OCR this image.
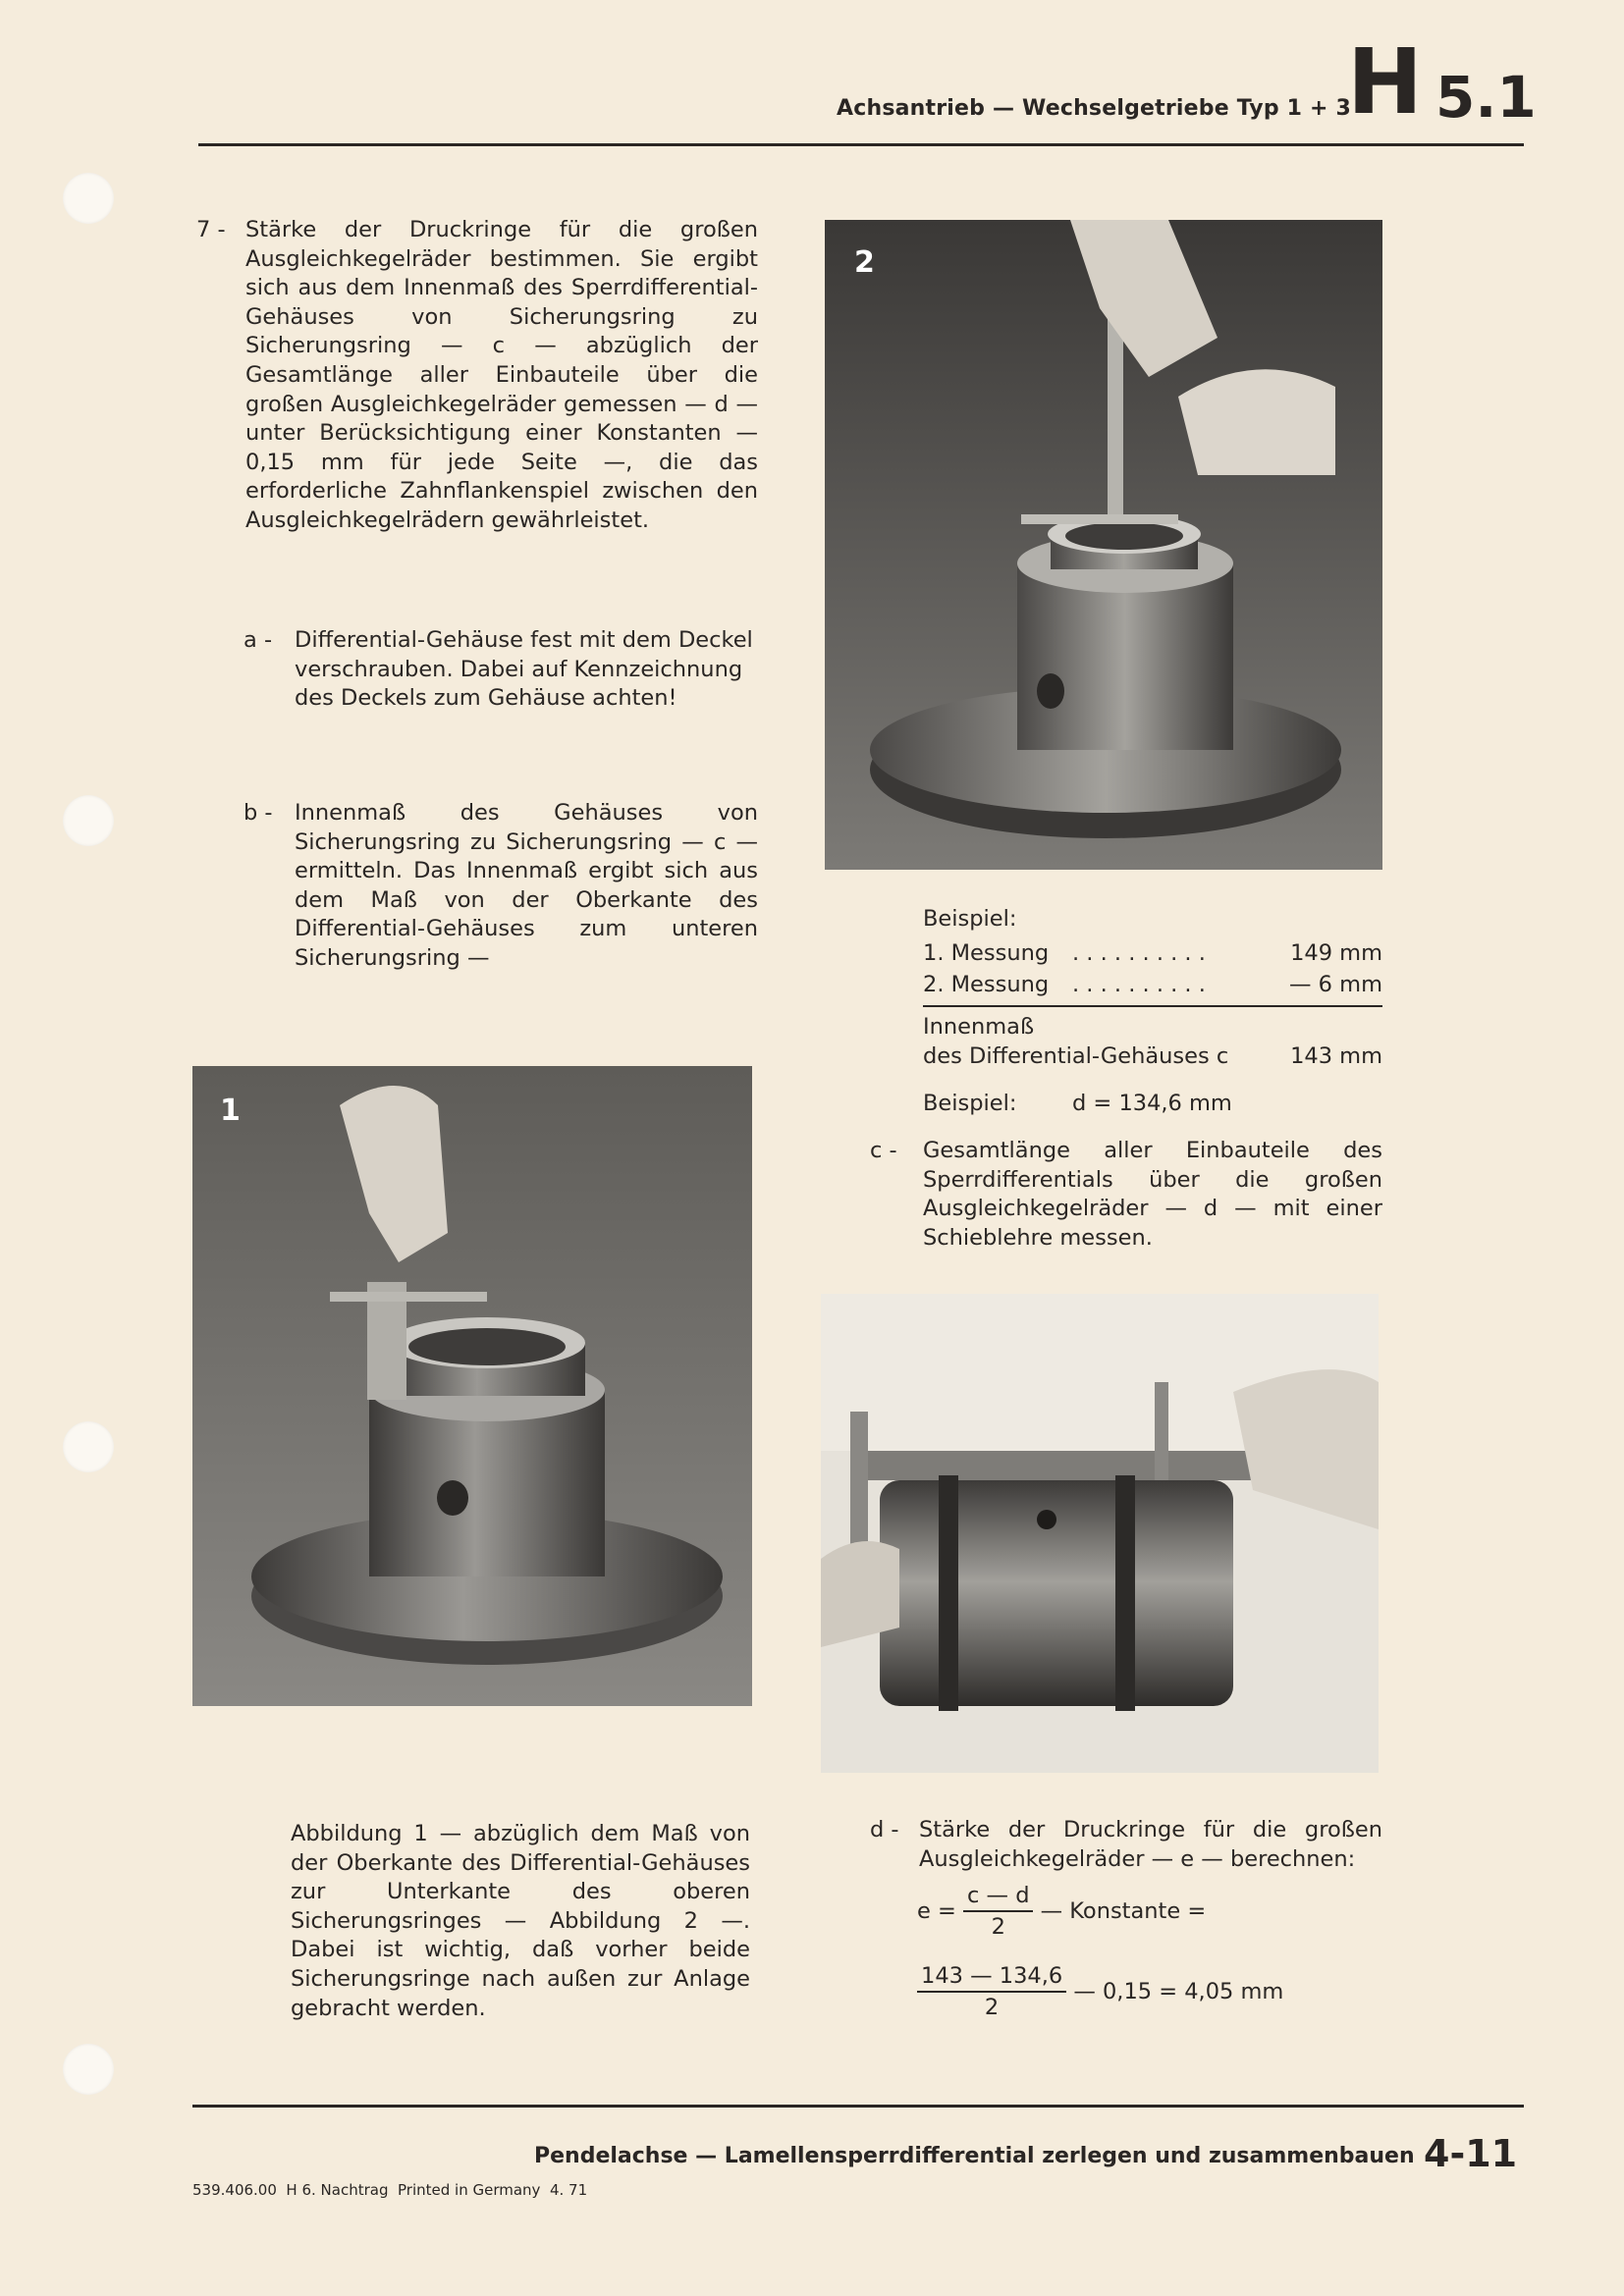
Achsantrieb — Wechselgetriebe Typ 1 + 3
H 5.1
7 - Stärke der Druckringe für die großen Ausgleichkegelräder bestimmen. Sie ergibt sich aus dem Innenmaß des Sperrdifferential-Gehäuses von Sicherungsring zu Sicherungsring — c — abzüglich der Gesamtlänge aller Einbauteile über die großen Ausgleichkegelräder gemessen — d — unter Berücksichtigung einer Konstanten — 0,15 mm für jede Seite —, die das erforderliche Zahnflankenspiel zwischen den Ausgleichkegelrädern gewährleistet.
a - Differential-Gehäuse fest mit dem Deckel verschrauben. Dabei auf Kennzeichnung des Deckels zum Gehäuse achten!
b - Innenmaß des Gehäuses von Sicherungsring zu Sicherungsring — c — ermitteln. Das Innenmaß ergibt sich aus dem Maß von der Oberkante des Differential-Gehäuses zum unteren Sicherungsring —
1
Abbildung 1 — abzüglich dem Maß von der Oberkante des Differential-Gehäuses zur Unterkante des oberen Sicherungsringes — Abbildung 2 —. Dabei ist wichtig, daß vorher beide Sicherungsringe nach außen zur Anlage gebracht werden.
2
Beispiel:
1. Messung . . . . . . . . . .	149 mm
2. Messung . . . . . . . . . .	— 6 mm
Innenmaß
des Differential-Gehäuses c	143 mm
Beispiel:	d = 134,6 mm
c - Gesamtlänge aller Einbauteile des Sperrdifferentials über die großen Ausgleichkegelräder — d — mit einer Schieblehre messen.
d - Stärke der Druckringe für die großen Ausgleichkegelräder — e — berechnen:
$e = \frac{c — d}{2}$ — Konstante =
$\frac{143 — 134,6}{2}$ — 0,15 = 4,05 mm
Pendelachse — Lamellensperrdifferential zerlegen und zusammenbauen 4-11
539.406.00  H 6. Nachtrag  Printed in Germany  4. 71
